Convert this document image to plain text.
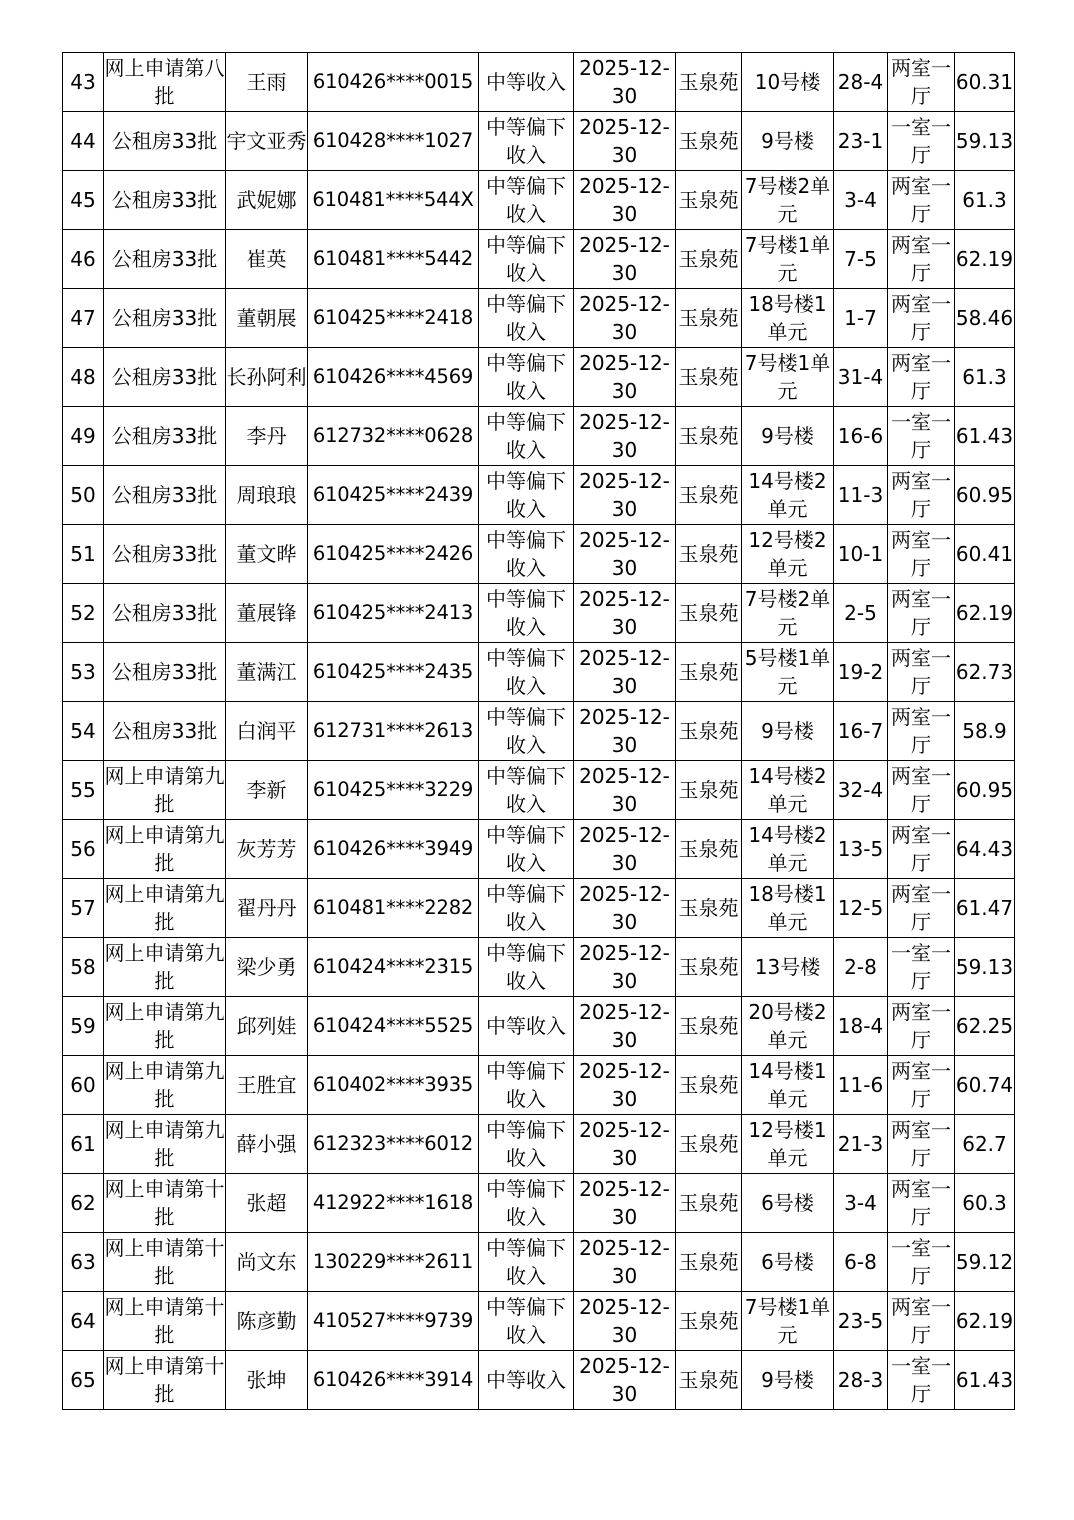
43	网上申请第八批	王雨	610426****0015	中等收入	2025-12-30	玉泉苑	10号楼	28-4	两室一厅	60.31
44	公租房33批	宇文亚秀	610428****1027	中等偏下收入	2025-12-30	玉泉苑	9号楼	23-1	一室一厅	59.13
45	公租房33批	武妮娜	610481****544X	中等偏下收入	2025-12-30	玉泉苑	7号楼2单元	3-4	两室一厅	61.3
46	公租房33批	崔英	610481****5442	中等偏下收入	2025-12-30	玉泉苑	7号楼1单元	7-5	两室一厅	62.19
47	公租房33批	董朝展	610425****2418	中等偏下收入	2025-12-30	玉泉苑	18号楼1单元	1-7	两室一厅	58.46
48	公租房33批	长孙阿利	610426****4569	中等偏下收入	2025-12-30	玉泉苑	7号楼1单元	31-4	两室一厅	61.3
49	公租房33批	李丹	612732****0628	中等偏下收入	2025-12-30	玉泉苑	9号楼	16-6	一室一厅	61.43
50	公租房33批	周琅琅	610425****2439	中等偏下收入	2025-12-30	玉泉苑	14号楼2单元	11-3	两室一厅	60.95
51	公租房33批	董文晔	610425****2426	中等偏下收入	2025-12-30	玉泉苑	12号楼2单元	10-1	两室一厅	60.41
52	公租房33批	董展锋	610425****2413	中等偏下收入	2025-12-30	玉泉苑	7号楼2单元	2-5	两室一厅	62.19
53	公租房33批	董满江	610425****2435	中等偏下收入	2025-12-30	玉泉苑	5号楼1单元	19-2	两室一厅	62.73
54	公租房33批	白润平	612731****2613	中等偏下收入	2025-12-30	玉泉苑	9号楼	16-7	两室一厅	58.9
55	网上申请第九批	李新	610425****3229	中等偏下收入	2025-12-30	玉泉苑	14号楼2单元	32-4	两室一厅	60.95
56	网上申请第九批	灰芳芳	610426****3949	中等偏下收入	2025-12-30	玉泉苑	14号楼2单元	13-5	两室一厅	64.43
57	网上申请第九批	翟丹丹	610481****2282	中等偏下收入	2025-12-30	玉泉苑	18号楼1单元	12-5	两室一厅	61.47
58	网上申请第九批	梁少勇	610424****2315	中等偏下收入	2025-12-30	玉泉苑	13号楼	2-8	一室一厅	59.13
59	网上申请第九批	邱列娃	610424****5525	中等收入	2025-12-30	玉泉苑	20号楼2单元	18-4	两室一厅	62.25
60	网上申请第九批	王胜宜	610402****3935	中等偏下收入	2025-12-30	玉泉苑	14号楼1单元	11-6	两室一厅	60.74
61	网上申请第九批	薛小强	612323****6012	中等偏下收入	2025-12-30	玉泉苑	12号楼1单元	21-3	两室一厅	62.7
62	网上申请第十批	张超	412922****1618	中等偏下收入	2025-12-30	玉泉苑	6号楼	3-4	两室一厅	60.3
63	网上申请第十批	尚文东	130229****2611	中等偏下收入	2025-12-30	玉泉苑	6号楼	6-8	一室一厅	59.12
64	网上申请第十批	陈彦勤	410527****9739	中等偏下收入	2025-12-30	玉泉苑	7号楼1单元	23-5	两室一厅	62.19
65	网上申请第十批	张坤	610426****3914	中等收入	2025-12-30	玉泉苑	9号楼	28-3	一室一厅	61.43
